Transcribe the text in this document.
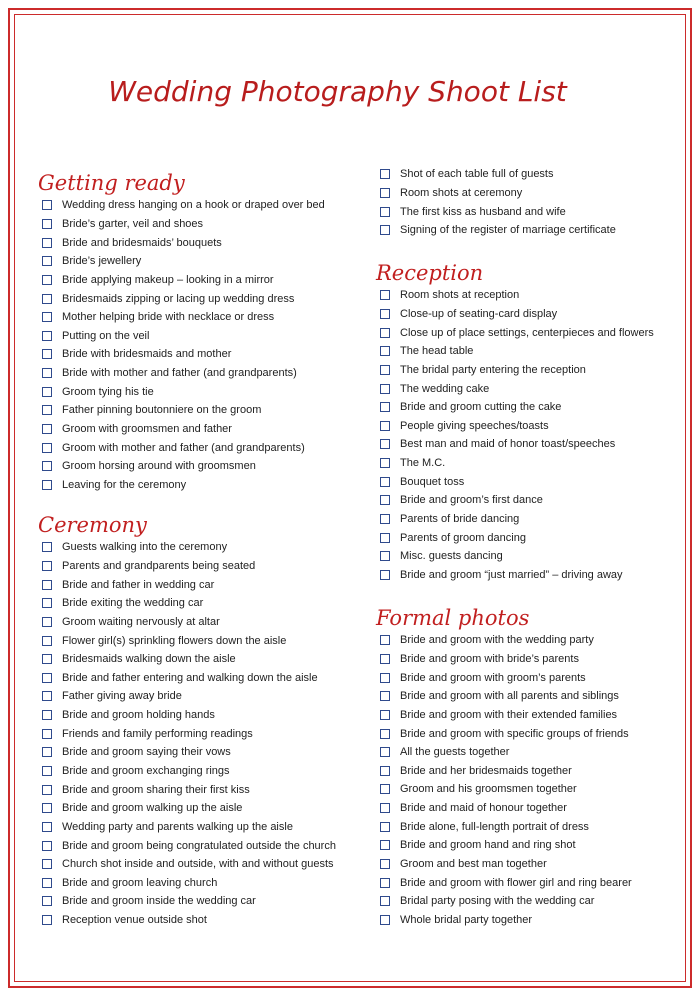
Wedding Photography Shoot List
Getting ready
Wedding dress hanging on a hook or draped over bed
Bride’s garter, veil and shoes
Bride and bridesmaids’ bouquets
Bride’s jewellery
Bride applying makeup – looking in a mirror
Bridesmaids zipping or lacing up wedding dress
Mother helping bride with necklace or dress
Putting on the veil
Bride with bridesmaids and mother
Bride with mother and father (and grandparents)
Groom tying his tie
Father pinning boutonniere on the groom
Groom with groomsmen and father
Groom with mother and father (and grandparents)
Groom horsing around with groomsmen
Leaving for the ceremony
Ceremony
Guests walking into the ceremony
Parents and grandparents being seated
Bride and father in wedding car
Bride exiting the wedding car
Groom waiting nervously at altar
Flower girl(s) sprinkling flowers down the aisle
Bridesmaids walking down the aisle
Bride and father entering and walking down the aisle
Father giving away bride
Bride and groom holding hands
Friends and family performing readings
Bride and groom saying their vows
Bride and groom exchanging rings
Bride and groom sharing their first kiss
Bride and groom walking up the aisle
Wedding party and parents walking up the aisle
Bride and groom being congratulated outside the church
Church shot inside and outside, with and without guests
Bride and groom leaving church
Bride and groom inside the wedding car
Reception venue outside shot
Shot of each table full of guests
Room shots at ceremony
The first kiss as husband and wife
Signing of the register of marriage certificate
Reception
Room shots at reception
Close-up of seating-card display
Close up of place settings, centerpieces and flowers
The head table
The bridal party entering the reception
The wedding cake
Bride and groom cutting the cake
People giving speeches/toasts
Best man and maid of honor toast/speeches
The M.C.
Bouquet toss
Bride and groom’s first dance
Parents of bride dancing
Parents of groom dancing
Misc. guests dancing
Bride and groom “just married” – driving away
Formal photos
Bride and groom with the wedding party
Bride and groom with bride’s parents
Bride and groom with groom’s parents
Bride and groom with all parents and siblings
Bride and groom with their extended families
Bride and groom with specific groups of friends
All the guests together
Bride and her bridesmaids together
Groom and his groomsmen together
Bride and maid of honour together
Bride alone, full-length portrait of dress
Bride and groom hand and ring shot
Groom and best man together
Bride and groom with flower girl and ring bearer
Bridal party posing with the wedding car
Whole bridal party together
